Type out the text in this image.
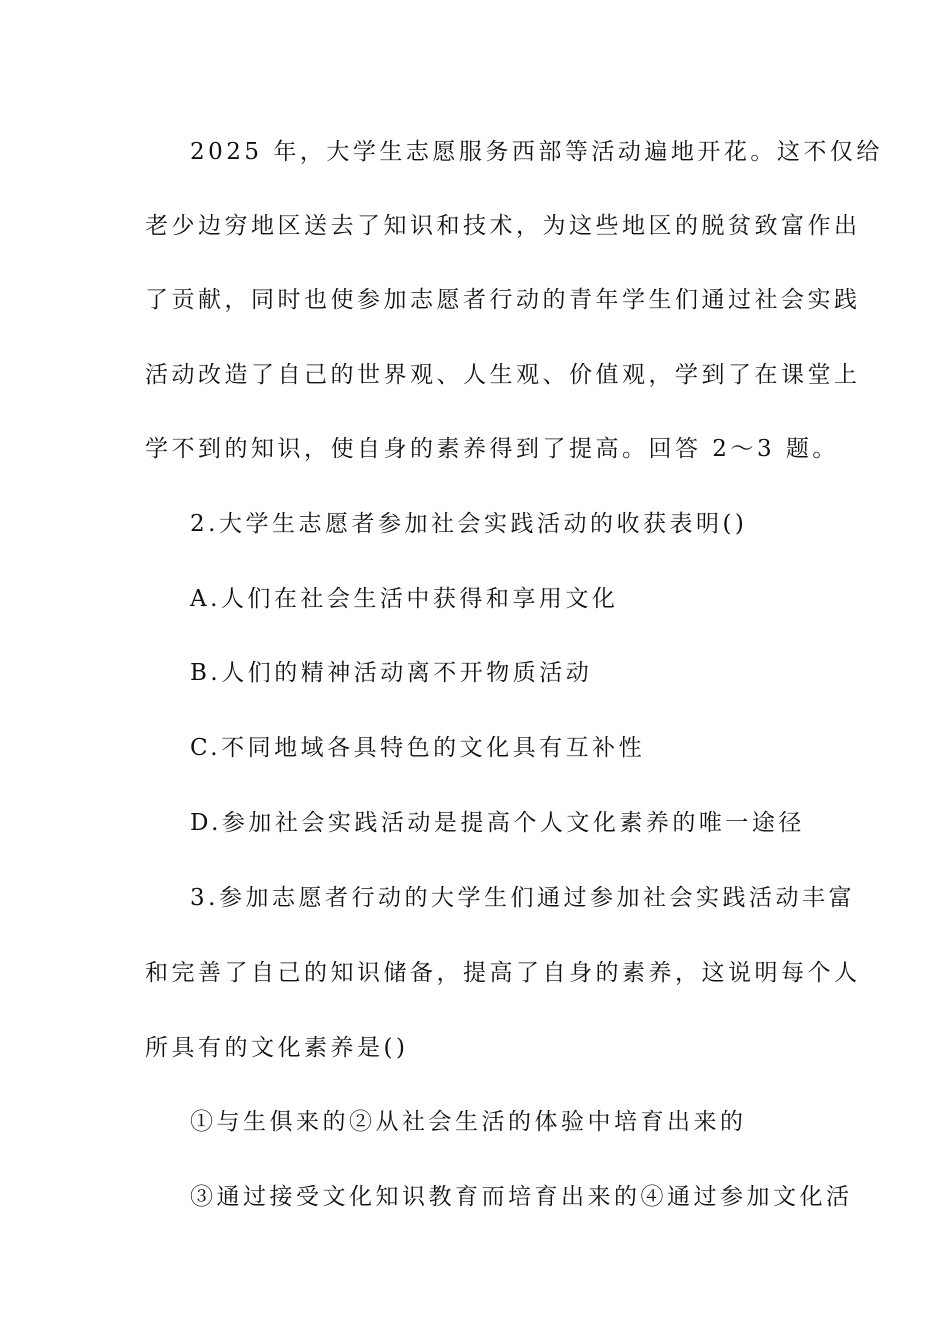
2025 年，大学生志愿服务西部等活动遍地开花。这不仅给
老少边穷地区送去了知识和技术，为这些地区的脱贫致富作出
了贡献，同时也使参加志愿者行动的青年学生们通过社会实践
活动改造了自己的世界观、人生观、价值观，学到了在课堂上
学不到的知识，使自身的素养得到了提高。回答 2～3 题。
2.大学生志愿者参加社会实践活动的收获表明()
A.人们在社会生活中获得和享用文化
B.人们的精神活动离不开物质活动
C.不同地域各具特色的文化具有互补性
D.参加社会实践活动是提高个人文化素养的唯一途径
3.参加志愿者行动的大学生们通过参加社会实践活动丰富
和完善了自己的知识储备，提高了自身的素养，这说明每个人
所具有的文化素养是()
①与生俱来的②从社会生活的体验中培育出来的
③通过接受文化知识教育而培育出来的④通过参加文化活
